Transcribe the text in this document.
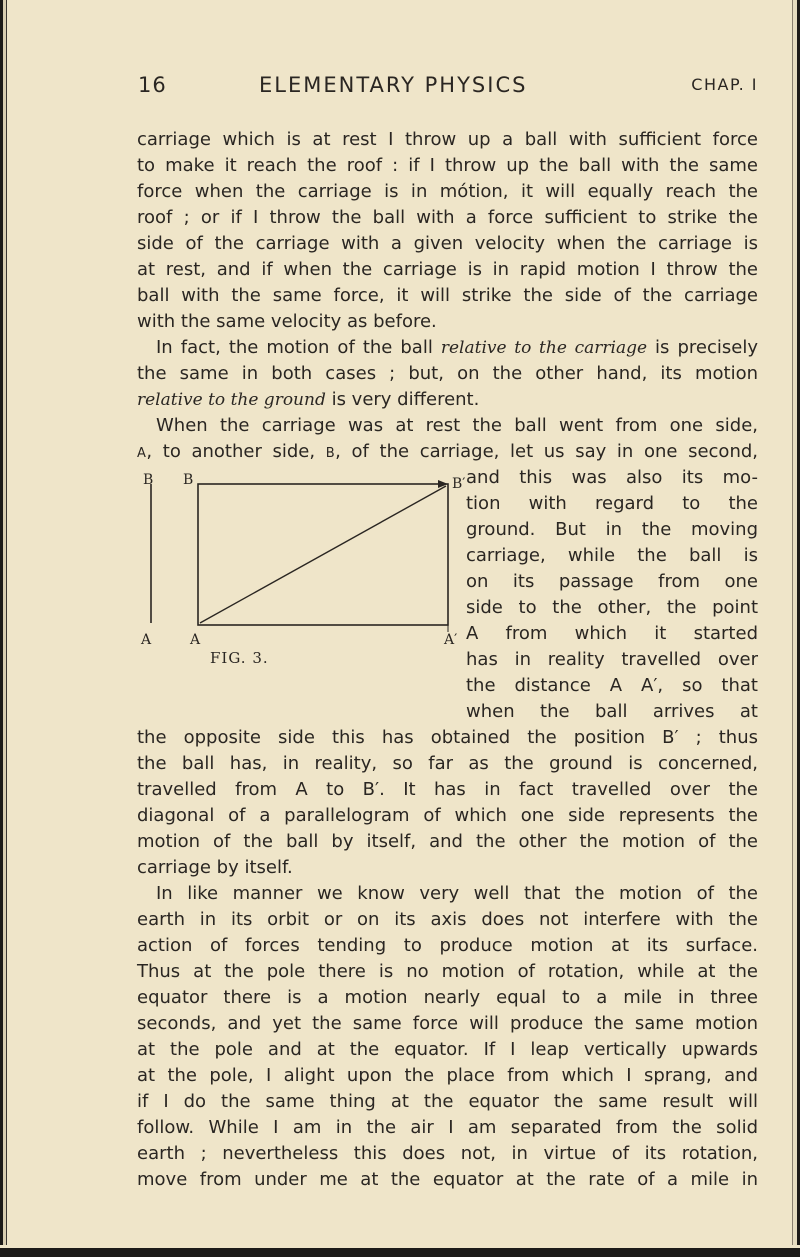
16	ELEMENTARY PHYSICS	CHAP. I
carriage which is at rest I throw up a ball with sufficient force
to make it reach the roof : if I throw up the ball with the same
force when the carriage is in mótion, it will equally reach the
roof ; or if I throw the ball with a force sufficient to strike the
side of the carriage with a given velocity when the carriage is
at rest, and if when the carriage is in rapid motion I throw the
ball with the same force, it will strike the side of the carriage
with the same velocity as before.
In fact, the motion of the ball relative to the carriage is precisely
the same in both cases ; but, on the other hand, its motion
relative to the ground is very different.
When the carriage was at rest the ball went from one side,
A, to another side, B, of the carriage, let us say in one second,
and this was also its mo-
tion with regard to the
ground. But in the moving
carriage, while the ball is
on its passage from one
side to the other, the point
A from which it started
has in reality travelled over
the distance A A′, so that
when the ball arrives at
B B	B′
A	A	A′
FIG. 3.
the opposite side this has obtained the position B′ ; thus
the ball has, in reality, so far as the ground is concerned,
travelled from A to B′. It has in fact travelled over the
diagonal of a parallelogram of which one side represents the
motion of the ball by itself, and the other the motion of the
carriage by itself.
In like manner we know very well that the motion of the
earth in its orbit or on its axis does not interfere with the
action of forces tending to produce motion at its surface.
Thus at the pole there is no motion of rotation, while at the
equator there is a motion nearly equal to a mile in three
seconds, and yet the same force will produce the same motion
at the pole and at the equator. If I leap vertically upwards
at the pole, I alight upon the place from which I sprang, and
if I do the same thing at the equator the same result will
follow. While I am in the air I am separated from the solid
earth ; nevertheless this does not, in virtue of its rotation,
move from under me at the equator at the rate of a mile in
